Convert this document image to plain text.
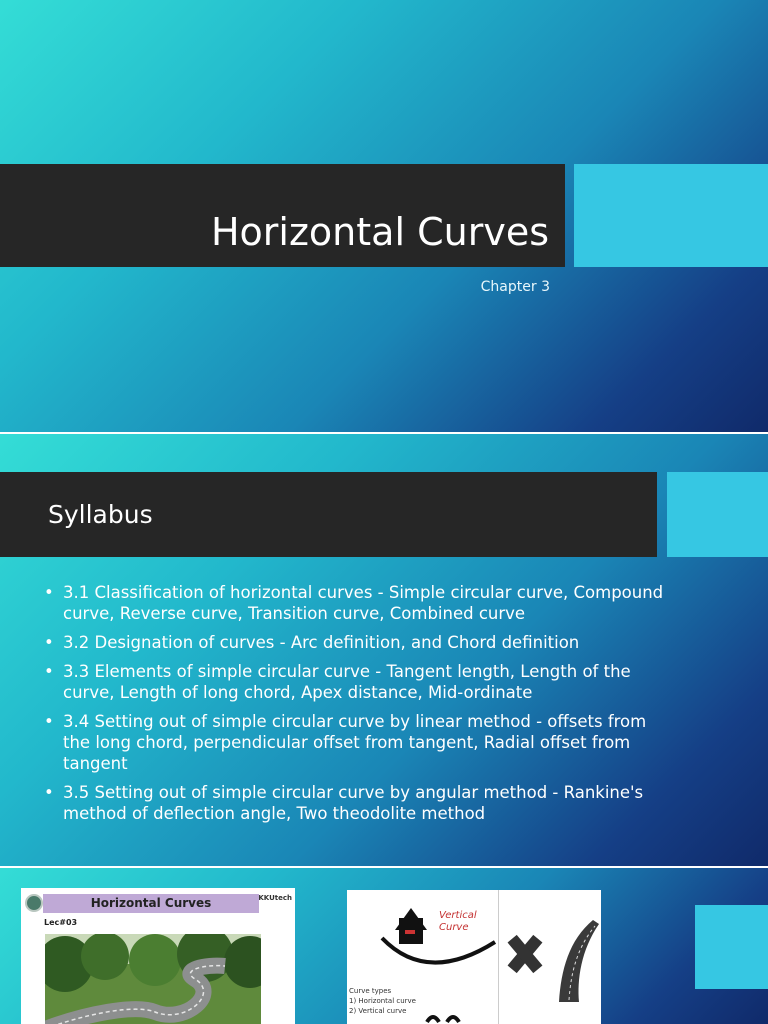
Horizontal Curves
Chapter 3
Syllabus
• 3.1 Classification of horizontal curves - Simple circular curve, Compound curve, Reverse curve, Transition curve, Combined curve
• 3.2 Designation of curves - Arc definition, and Chord definition
• 3.3 Elements of simple circular curve - Tangent length, Length of the curve, Length of long chord, Apex distance, Mid-ordinate
• 3.4 Setting out of simple circular curve by linear method - offsets from the long chord, perpendicular offset from tangent, Radial offset from tangent
• 3.5 Setting out of simple circular curve by angular method - Rankine's method of deflection angle, Two theodolite method
Horizontal Curves	KKUtech
Lec#03
Vertical Curve
Curve types
1) Horizontal curve
2) Vertical curve
